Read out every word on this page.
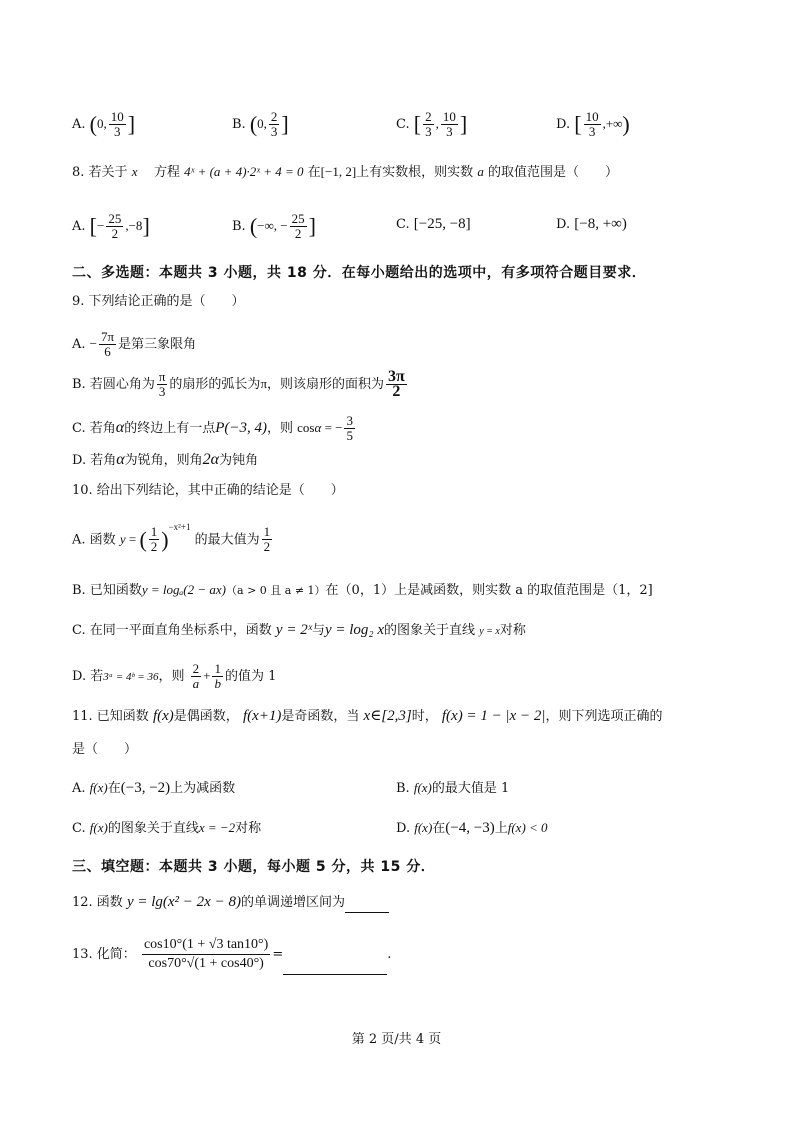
A. (0, $\frac{10}{3}$ ]	B. (0, $\frac{2}{3}$ ]	C. [ $\frac{2}{3}$ , $\frac{10}{3}$ ]	D. [ $\frac{10}{3}$ ,+∞)
8. 若关于 x 方程 4ˣ + (a + 4)·2ˣ + 4 = 0 在[−1, 2]上有实数根，则实数 a 的取值范围是（　　）
A. [− $\frac{25}{2} ,-8$]	B. (−∞, − $\frac{25}{2}$ ]	C. [−25, −8]	D. [−8, +∞)
二、多选题：本题共 3 小题，共 18 分．在每小题给出的选项中，有多项符合题目要求．
9. 下列结论正确的是（　　）
A. − $\frac{7\pi}{6}$ 是第三象限角
B. 若圆心角为 $\frac{\pi}{3}$ 的扇形的弧长为π，则该扇形的面积为 $\frac{3\pi}{2}$
C. 若角α的终边上有一点P(−3, 4)，则 cosα = − $\frac{3}{5}$
D. 若角α为锐角，则角2α为钝角
10. 给出下列结论，其中正确的结论是（　　）
A. 函数 y = ( $\frac{1}{2} )^{-x^2+1}$ 的最大值为 $\frac{1}{2}$
B. 已知函数y = logₐ(2 − ax)（a > 0 且 a ≠ 1）在（0，1）上是减函数，则实数 a 的取值范围是（1，2]
C. 在同一平面直角坐标系中，函数 y = 2ˣ与y = log₂ x的图象关于直线 y = x对称
D. 若3ᵃ = 4ᵇ = 36，则 $\frac{2}{a} + \frac{1}{b}$ 的值为 1
11. 已知函数 f(x)是偶函数， f(x+1)是奇函数，当 x∈[2,3]时， f(x) = 1 − |x − 2|，则下列选项正确的
是（　　）
A. f(x)在(−3, −2)上为减函数	B. f(x)的最大值是 1
C. f(x)的图象关于直线x = −2对称	D. f(x)在(−4, −3)上f(x) < 0
三、填空题：本题共 3 小题，每小题 5 分，共 15 分．
12. 函数 y = lg(x² − 2x − 8)的单调递增区间为
13. 化简： $\frac{\cos 10^\circ(1 + √3 \tan 10^\circ)}{\cos 70^\circ√(1 + \cos 40^\circ)}$ =	.
第 2 页/共 4 页
